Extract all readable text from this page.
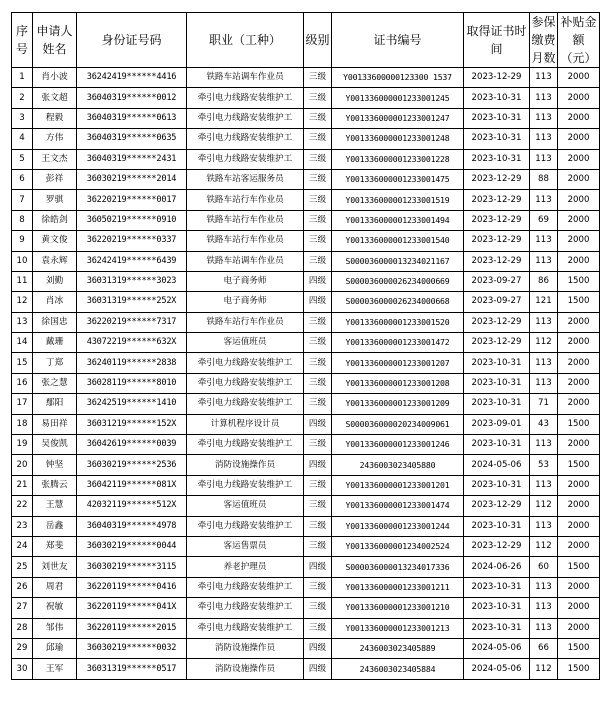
序号	申请人姓名	身份证号码	职业（工种）	级别	证书编号	取得证书时间	参保缴费月数	补贴金额（元）
1	肖小波	36242419******4416	铁路车站调车作业员	三级	Y00133600000123300 1537	2023-12-29	113	2000
2	张文超	36040319******0012	牵引电力线路安装维护工	三级	Y001336000001233001245	2023-10-31	113	2000
3	程毅	36040319******0613	牵引电力线路安装维护工	三级	Y001336000001233001247	2023-10-31	113	2000
4	方伟	36040319******0635	牵引电力线路安装维护工	三级	Y001336000001233001248	2023-10-31	113	2000
5	王文杰	36040319******2431	牵引电力线路安装维护工	三级	Y001336000001233001228	2023-10-31	113	2000
6	彭祥	36030219******2014	铁路车站客运服务员	三级	Y001336000001233001475	2023-12-29	88	2000
7	罗骐	36220219******0017	铁路车站行车作业员	三级	Y001336000001233001519	2023-12-29	113	2000
8	徐皓剑	36050219******0910	铁路车站行车作业员	三级	Y001336000001233001494	2023-12-29	69	2000
9	黄文俊	36220219******0337	铁路车站行车作业员	三级	Y001336000001233001540	2023-12-29	113	2000
10	袁永辉	36242419******6439	铁路车站调车作业员	三级	S000036000013234021167	2023-12-29	113	2000
11	刘勤	36031319******3023	电子商务师	四级	S000036000026234000669	2023-09-27	86	1500
12	肖冰	36031319******252X	电子商务师	四级	S000036000026234000668	2023-09-27	121	1500
13	徐国忠	36220219******7317	铁路车站行车作业员	三级	Y001336000001233001520	2023-12-29	113	2000
14	戴珊	43072219******632X	客运值班员	三级	Y001336000001233001472	2023-12-29	112	2000
15	丁郑	36240119******2838	牵引电力线路安装维护工	三级	Y001336000001233001207	2023-10-31	113	2000
16	张之慧	36028119******8010	牵引电力线路安装维护工	三级	Y001336000001233001208	2023-10-31	113	2000
17	鄢阳	36242519******1410	牵引电力线路安装维护工	三级	Y001336000001233001209	2023-10-31	71	2000
18	易田祥	36031219******152X	计算机程序设计员	四级	S000036000020234009061	2023-09-01	43	1500
19	吴俊凯	36042619******0039	牵引电力线路安装维护工	三级	Y001336000001233001246	2023-10-31	113	2000
20	钟坚	36030219******2536	消防设施操作员	四级	2436003023405880	2024-05-06	53	1500
21	张腾云	36042119******081X	牵引电力线路安装维护工	三级	Y001336000001233001201	2023-10-31	113	2000
22	王慧	42032119******512X	客运值班员	三级	Y001336000001233001474	2023-12-29	112	2000
23	岳鑫	36040319******4978	牵引电力线路安装维护工	三级	Y001336000001233001244	2023-10-31	113	2000
24	郑斐	36030219******0044	客运售票员	三级	Y001336000001234002524	2023-12-29	112	2000
25	刘世友	36030219******3115	养老护理员	四级	S000036000013234017336	2024-06-26	60	1500
26	周君	36220119******0416	牵引电力线路安装维护工	三级	Y001336000001233001211	2023-10-31	113	2000
27	祝敏	36220119******041X	牵引电力线路安装维护工	三级	Y001336000001233001210	2023-10-31	113	2000
28	邹伟	36220119******2015	牵引电力线路安装维护工	三级	Y001336000001233001213	2023-10-31	113	2000
29	邱瑜	36030219******0032	消防设施操作员	四级	2436003023405889	2024-05-06	66	1500
30	王军	36031319******0517	消防设施操作员	四级	2436003023405884	2024-05-06	112	1500
